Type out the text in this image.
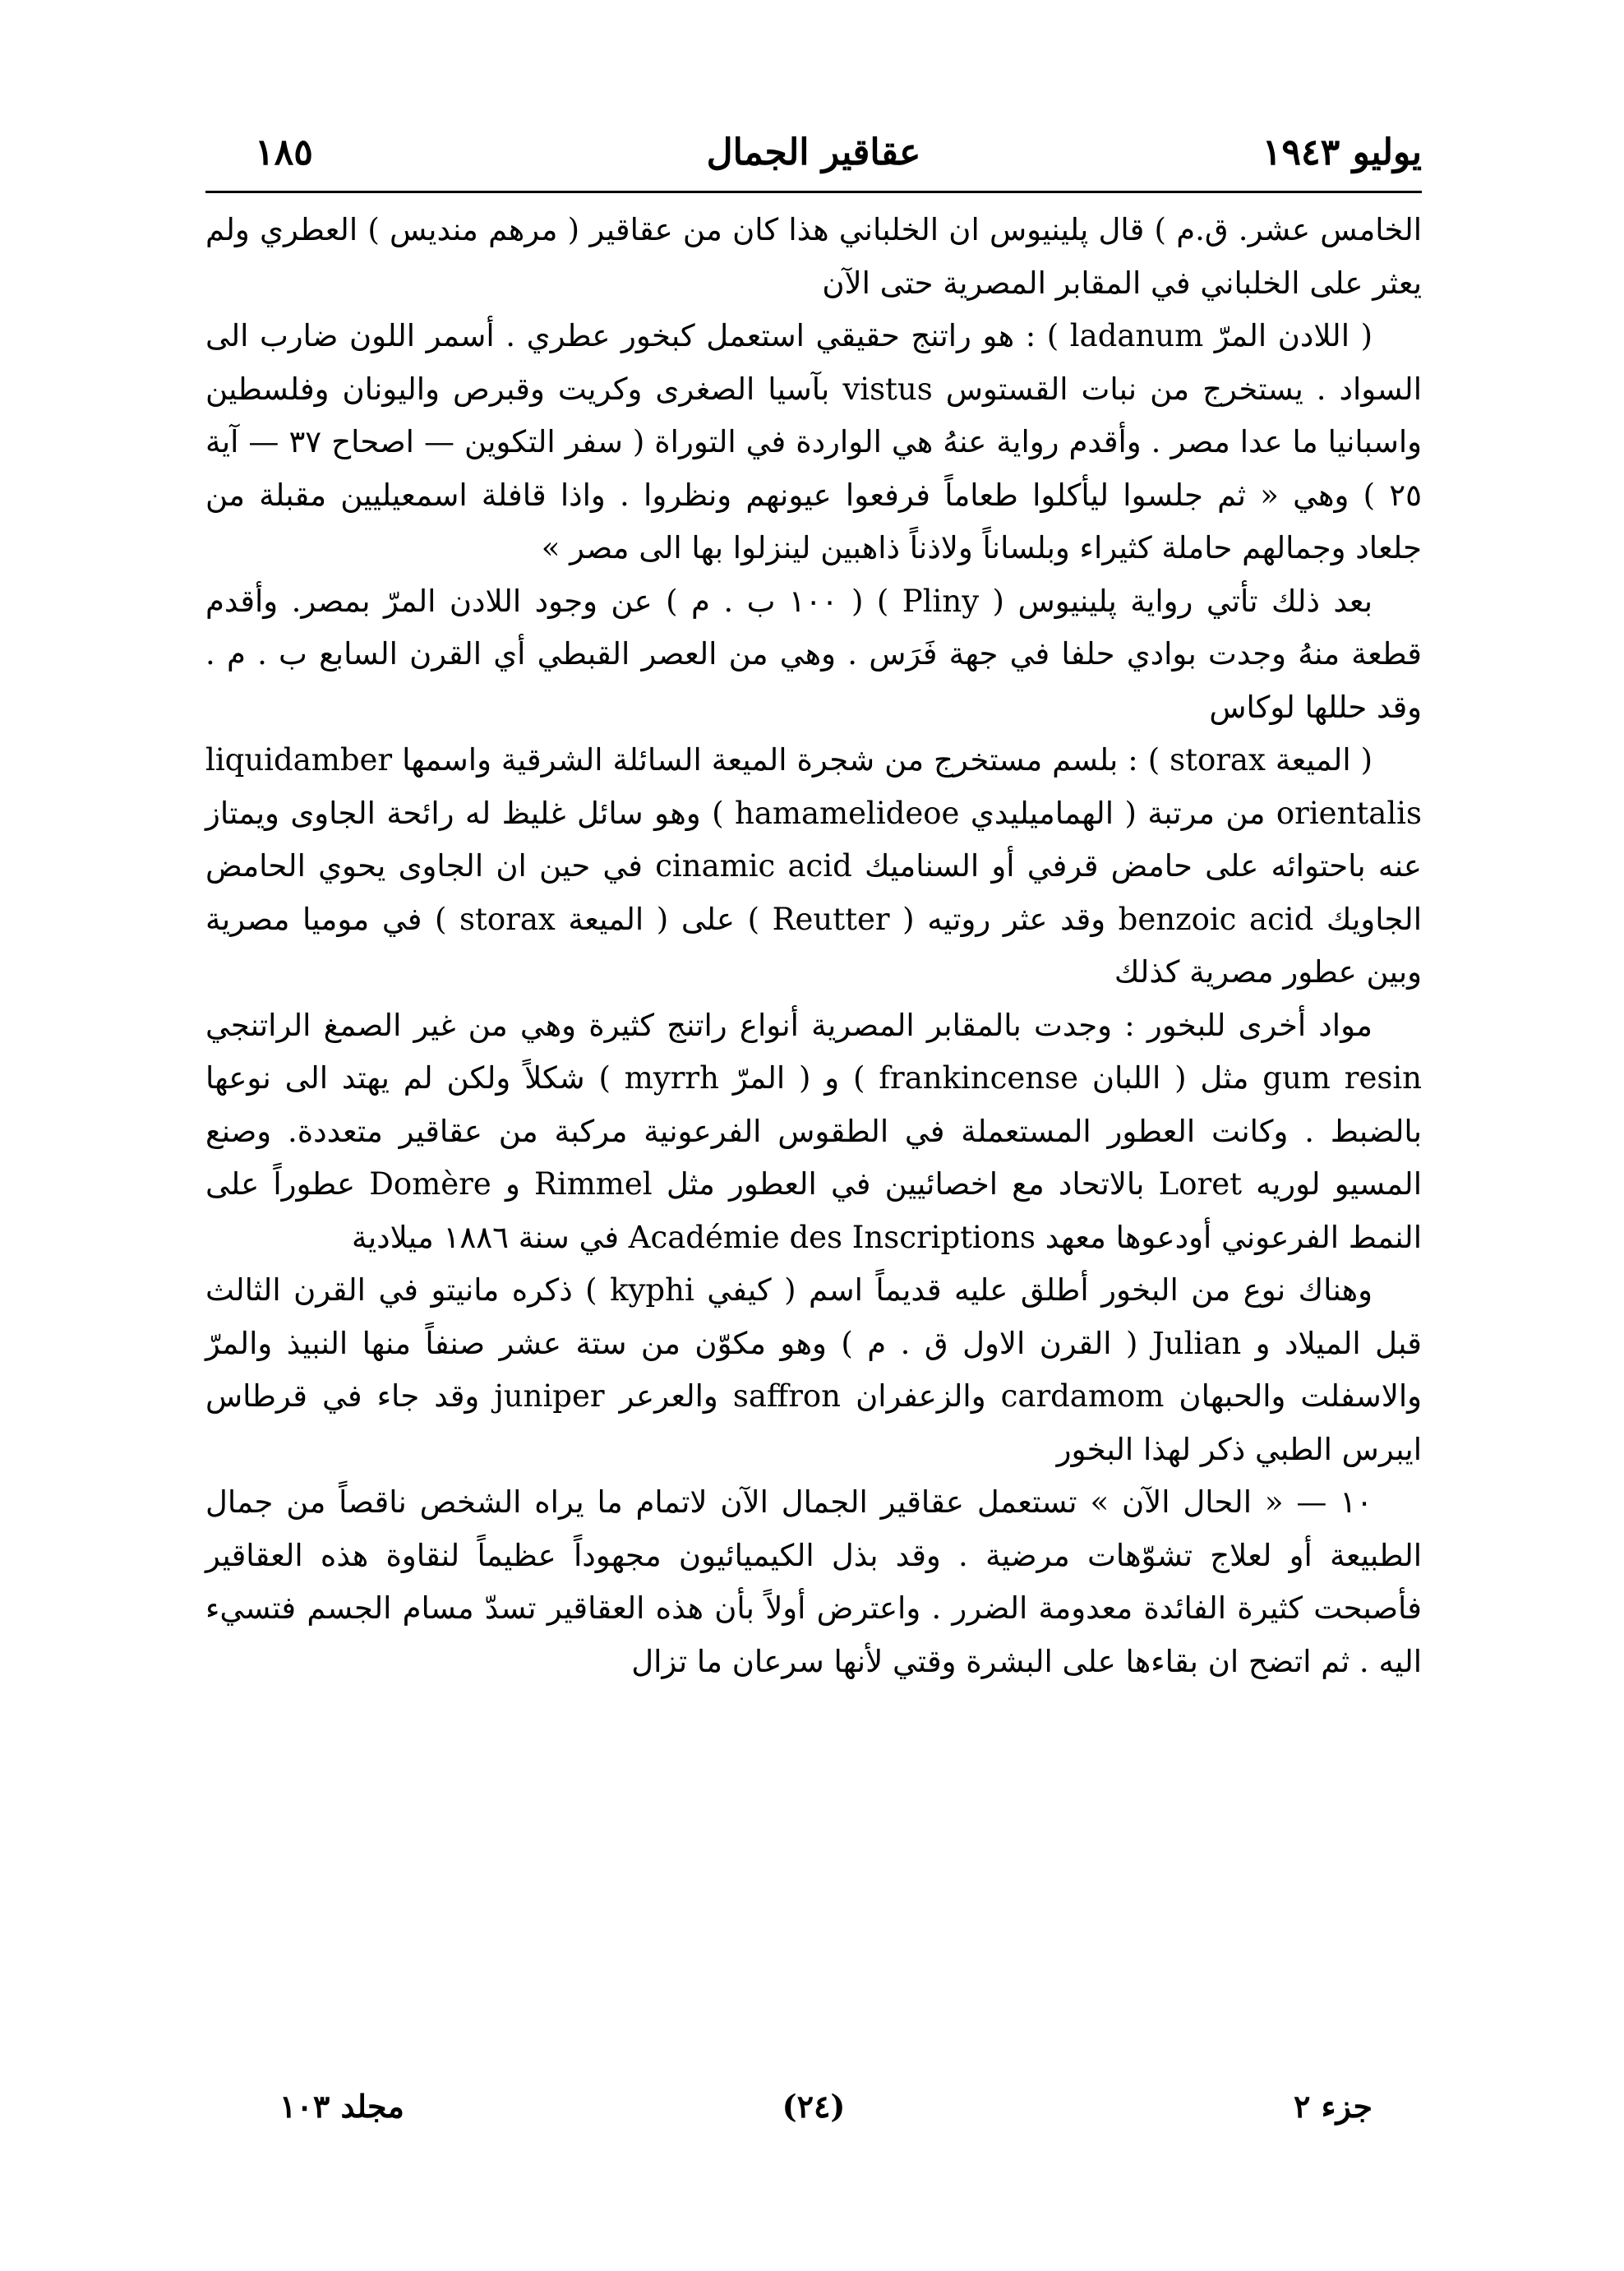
يوليو ١٩٤٣
عقاقير الجمال
١٨٥

الخامس عشر. ق.م ) قال پلينيوس ان الخلباني هذا كان من عقاقير ( مرهم منديس ) العطري ولم يعثر على الخلباني في المقابر المصرية حتى الآن

( اللادن المرّ ladanum ) : هو راتنج حقيقي استعمل كبخور عطري . أسمر اللون ضارب الى السواد . يستخرج من نبات القستوس vistus بآسيا الصغرى وكريت وقبرص واليونان وفلسطين واسبانيا ما عدا مصر . وأقدم رواية عنهُ هي الواردة في التوراة ( سفر التكوين — اصحاح ٣٧ — آية ٢٥ ) وهي « ثم جلسوا ليأكلوا طعاماً فرفعوا عيونهم ونظروا . واذا قافلة اسمعيليين مقبلة من جلعاد وجمالهم حاملة كثيراء وبلساناً ولاذناً ذاهبين لينزلوا بها الى مصر »

بعد ذلك تأتي رواية پلينيوس ( Pliny ) ( ١٠٠ ب . م ) عن وجود اللادن المرّ بمصر. وأقدم قطعة منهُ وجدت بوادي حلفا في جهة فَرَس . وهي من العصر القبطي أي القرن السابع ب . م . وقد حللها لوكاس

( الميعة storax ) : بلسم مستخرج من شجرة الميعة السائلة الشرقية واسمها liquidamber orientalis من مرتبة ( الهماميليدي hamamelideoe ) وهو سائل غليظ له رائحة الجاوى ويمتاز عنه باحتوائه على حامض قرفي أو السناميك cinamic acid في حين ان الجاوى يحوي الحامض الجاويك benzoic acid وقد عثر روتيه ( Reutter ) على ( الميعة storax ) في موميا مصرية وبين عطور مصرية كذلك

مواد أخرى للبخور : وجدت بالمقابر المصرية أنواع راتنج كثيرة وهي من غير الصمغ الراتنجي gum resin مثل ( اللبان frankincense ) و ( المرّ myrrh ) شكلاً ولكن لم يهتد الى نوعها بالضبط . وكانت العطور المستعملة في الطقوس الفرعونية مركبة من عقاقير متعددة. وصنع المسيو لوريه Loret بالاتحاد مع اخصائيين في العطور مثل Rimmel و Domère عطوراً على النمط الفرعوني أودعوها معهد Académie des Inscriptions في سنة ١٨٨٦ ميلادية

وهناك نوع من البخور أطلق عليه قديماً اسم ( كيفي kyphi ) ذكره مانيتو في القرن الثالث قبل الميلاد و Julian ( القرن الاول ق . م ) وهو مكوّن من ستة عشر صنفاً منها النبيذ والمرّ والاسفلت والحبهان cardamom والزعفران saffron والعرعر juniper وقد جاء في قرطاس ايبرس الطبي ذكر لهذا البخور

١٠ — « الحال الآن » تستعمل عقاقير الجمال الآن لاتمام ما يراه الشخص ناقصاً من جمال الطبيعة أو لعلاج تشوّهات مرضية . وقد بذل الكيميائيون مجهوداً عظيماً لنقاوة هذه العقاقير فأصبحت كثيرة الفائدة معدومة الضرر . واعترض أولاً بأن هذه العقاقير تسدّ مسام الجسم فتسيء اليه . ثم اتضح ان بقاءها على البشرة وقتي لأنها سرعان ما تزال

جزء ٢
(٢٤)
مجلد ١٠٣
